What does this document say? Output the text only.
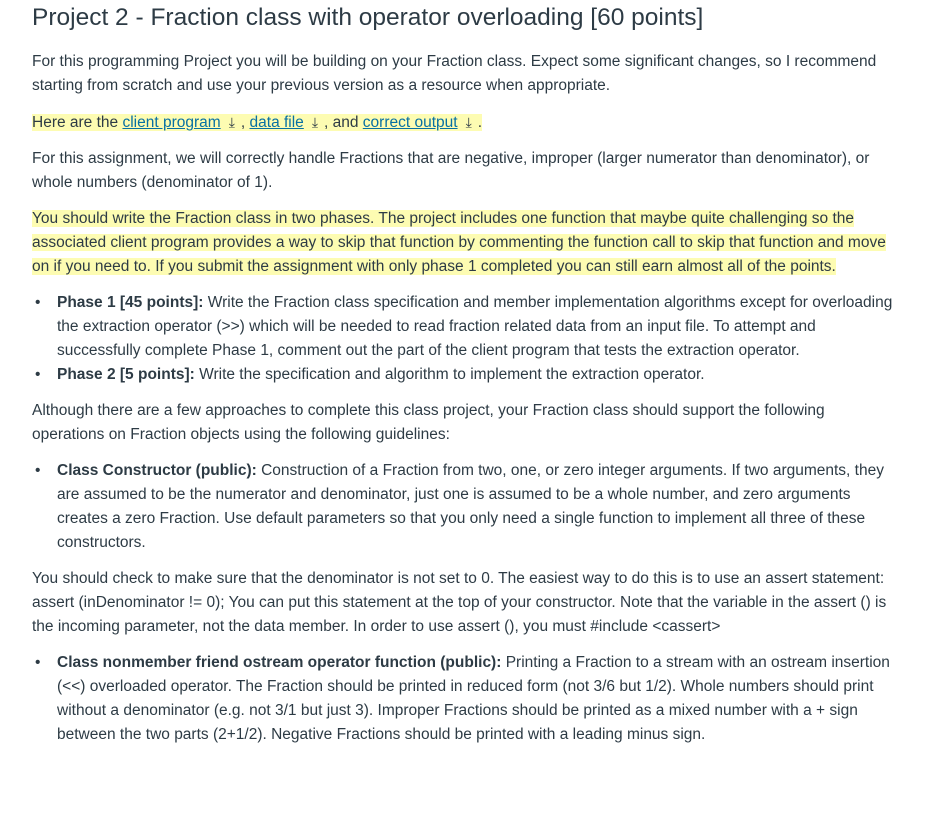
Project 2 - Fraction class with operator overloading [60 points]

For this programming Project you will be building on your Fraction class. Expect some significant changes, so I recommend starting from scratch and use your previous version as a resource when appropriate.

Here are the client program ⤓ , data file ⤓ , and correct output ⤓ .

For this assignment, we will correctly handle Fractions that are negative, improper (larger numerator than denominator), or whole numbers (denominator of 1).

You should write the Fraction class in two phases. The project includes one function that maybe quite challenging so the associated client program provides a way to skip that function by commenting the function call to skip that function and move on if you need to. If you submit the assignment with only phase 1 completed you can still earn almost all of the points.

• Phase 1 [45 points]: Write the Fraction class specification and member implementation algorithms except for overloading the extraction operator (>>) which will be needed to read fraction related data from an input file. To attempt and successfully complete Phase 1, comment out the part of the client program that tests the extraction operator.
• Phase 2 [5 points]: Write the specification and algorithm to implement the extraction operator.

Although there are a few approaches to complete this class project, your Fraction class should support the following operations on Fraction objects using the following guidelines:

• Class Constructor (public): Construction of a Fraction from two, one, or zero integer arguments. If two arguments, they are assumed to be the numerator and denominator, just one is assumed to be a whole number, and zero arguments creates a zero Fraction. Use default parameters so that you only need a single function to implement all three of these constructors.

You should check to make sure that the denominator is not set to 0. The easiest way to do this is to use an assert statement: assert (inDenominator != 0); You can put this statement at the top of your constructor. Note that the variable in the assert () is the incoming parameter, not the data member. In order to use assert (), you must #include <cassert>

• Class nonmember friend ostream operator function (public): Printing a Fraction to a stream with an ostream insertion (<<) overloaded operator. The Fraction should be printed in reduced form (not 3/6 but 1/2). Whole numbers should print without a denominator (e.g. not 3/1 but just 3). Improper Fractions should be printed as a mixed number with a + sign between the two parts (2+1/2). Negative Fractions should be printed with a leading minus sign.
